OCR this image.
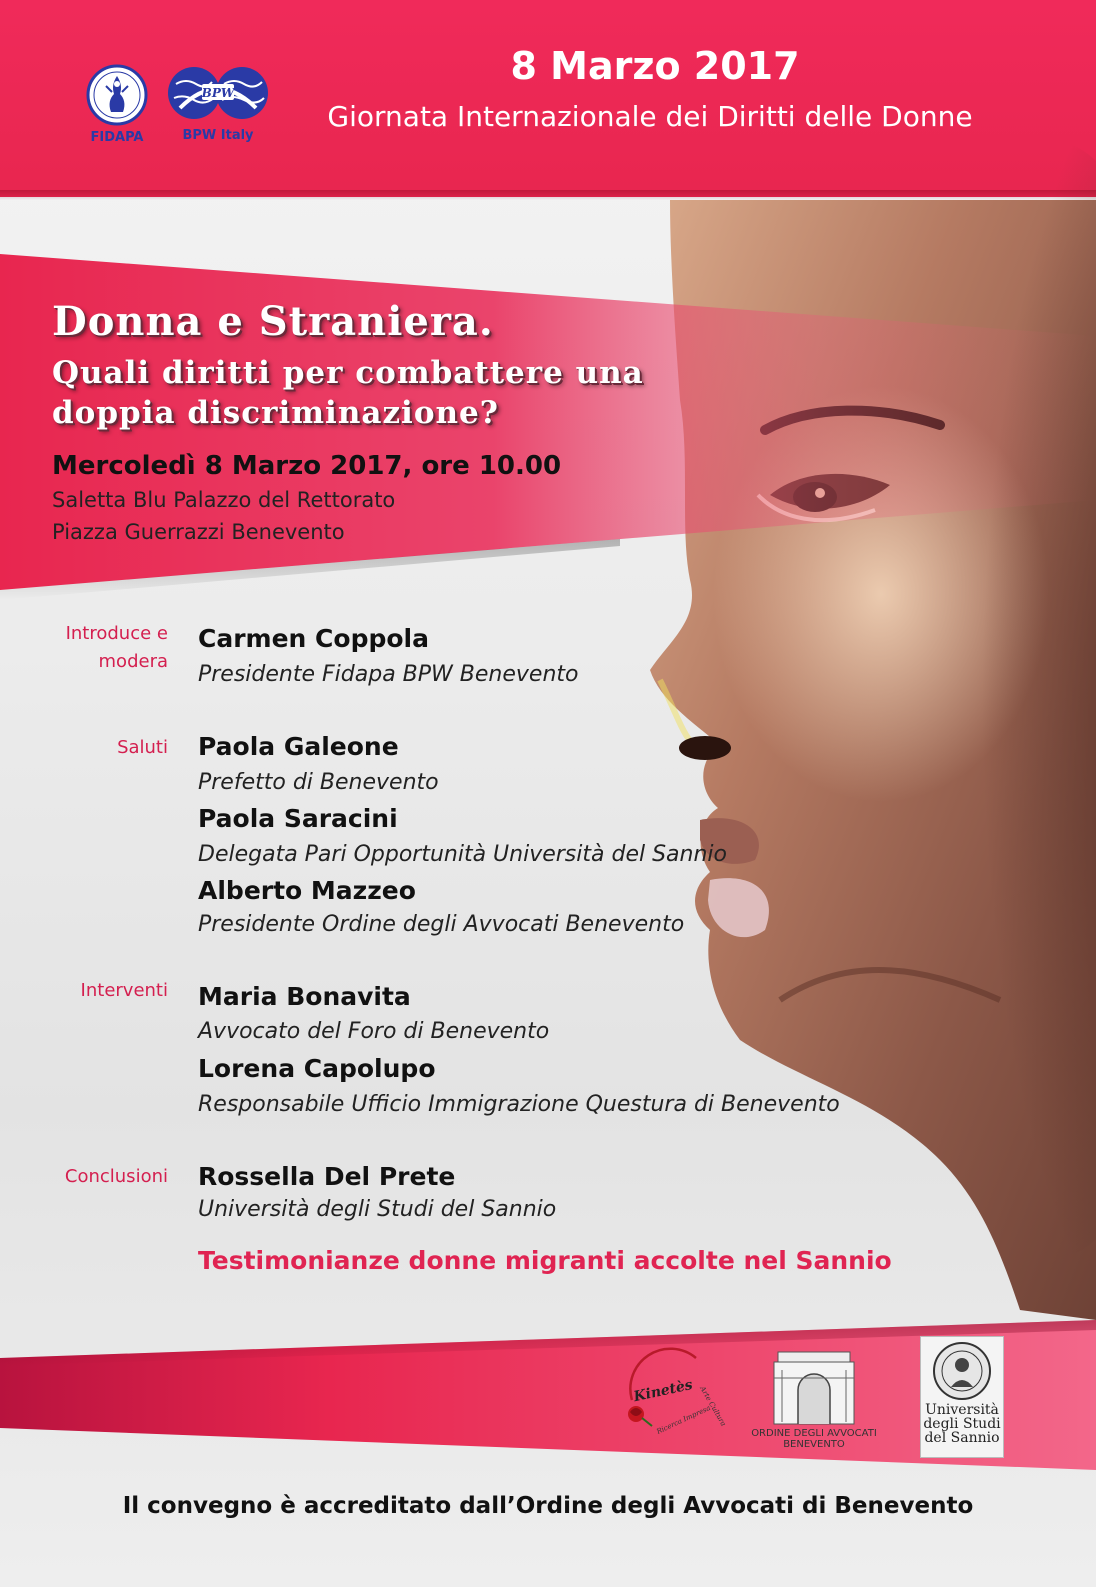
FIDAPA
BPW
BPW Italy
8 Marzo 2017
Giornata Internazionale dei Diritti delle Donne
Donna e Straniera.
Quali diritti per combattere una
doppia discriminazione?
Mercoledì 8 Marzo 2017, ore 10.00
Saletta Blu Palazzo del Rettorato
Piazza Guerrazzi Benevento
Introduce e
modera
Carmen Coppola
Presidente Fidapa BPW Benevento
Saluti Paola Galeone
Prefetto di Benevento
Paola Saracini
Delegata Pari Opportunità Università del Sannio
Alberto Mazzeo
Presidente Ordine degli Avvocati Benevento
Interventi Maria Bonavita
Avvocato del Foro di Benevento
Lorena Capolupo
Responsabile Ufficio Immigrazione Questura di Benevento
Conclusioni Rossella Del Prete
Università degli Studi del Sannio
Testimonianze donne migranti accolte nel Sannio
Kinetès Arte Cultura
Ricerca Impresa	ORDINE DEGLI AVVOCATI
BENEVENTO
Università
degli Studi
del Sannio
Il convegno è accreditato dall’Ordine degli Avvocati di Benevento
